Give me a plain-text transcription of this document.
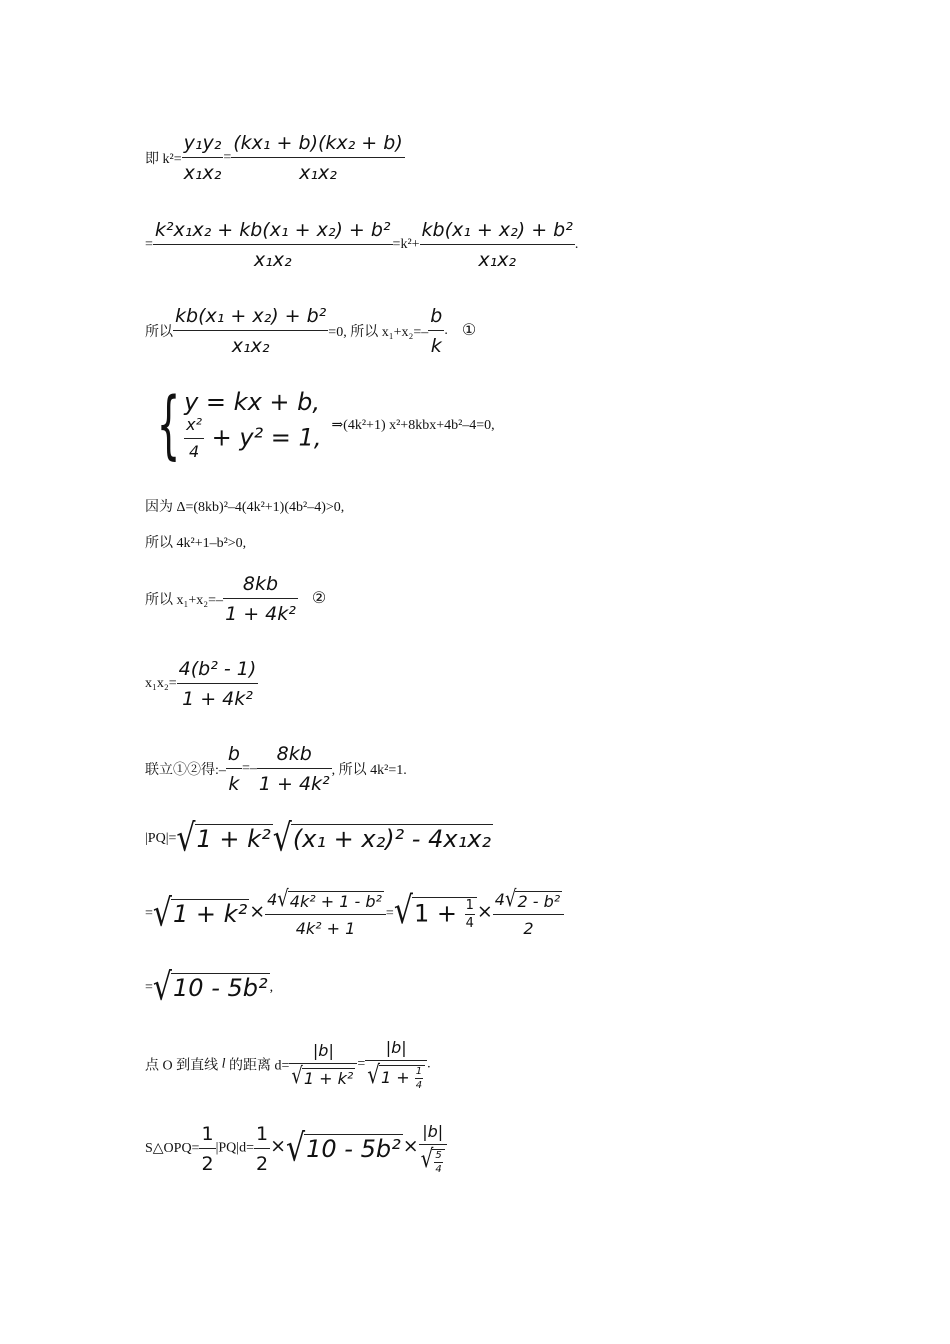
即 $k^2= \frac{\text{y₁y₂}}{\text{x₁x₂}} = \frac{\text{(kx₁ + b)(kx₂ + b)}}{\text{x₁x₂}}$
= $\frac{\text{k²x₁x₂ + kb(x₁ + x₂) + b²}}{\text{x₁x₂}} =k^2+ \frac{\text{kb(x₁ + x₂) + b²}}{\text{x₁x₂}}$ .
所以 $\frac{\text{kb(x₁ + x₂) + b²}}{\text{x₁x₂}} =0$, 所以 $x_1+x_2=- \frac{b}{k}$ . ①
{ y = kx + b,
$\frac{\text{x²}}{4} + y^2 = 1$, ⇒(4k²+1) x²+8kbx+4b²–4=0,
因为 Δ=(8kb)²–4(4k²+1)(4b²–4)>0,
所以 4k²+1–b²>0,
所以 $x_1+x_2=- \frac{8kb}{\text{1 + 4k²}}$ ②
$x_1x_2= \frac{\text{4(b² - 1)}}{\text{1 + 4k²}}$
联立①②得:– $\frac{b}{k} =- \frac{8kb}{\text{1 + 4k²}}$ , 所以 4k²=1.
|PQ|= √ 1 + k² √ (x₁ + x₂)² - 4x₁x₂
= √ $1 + k^2 \times \frac{\text{4 √ 4k² + 1 - b²}}{\text{4k² + 1}}$ = √ $1 + \frac{1}{4} \times \frac{\text{4 √ 2 - b²}}{2}$
= √ 10 - 5b² ,
点 O 到直线 l 的距离 $d= \frac{|b|}{\text{√ 1 + k²}} = \frac{|b|}{√ 1 + \frac{1}{4}}$ .
S△OPQ= $\frac{1}{2} |PQ|d= \frac{1}{2}$ × √ $10 - 5b^2 \times \frac{|b|}{√ \frac{5}{4}}$
